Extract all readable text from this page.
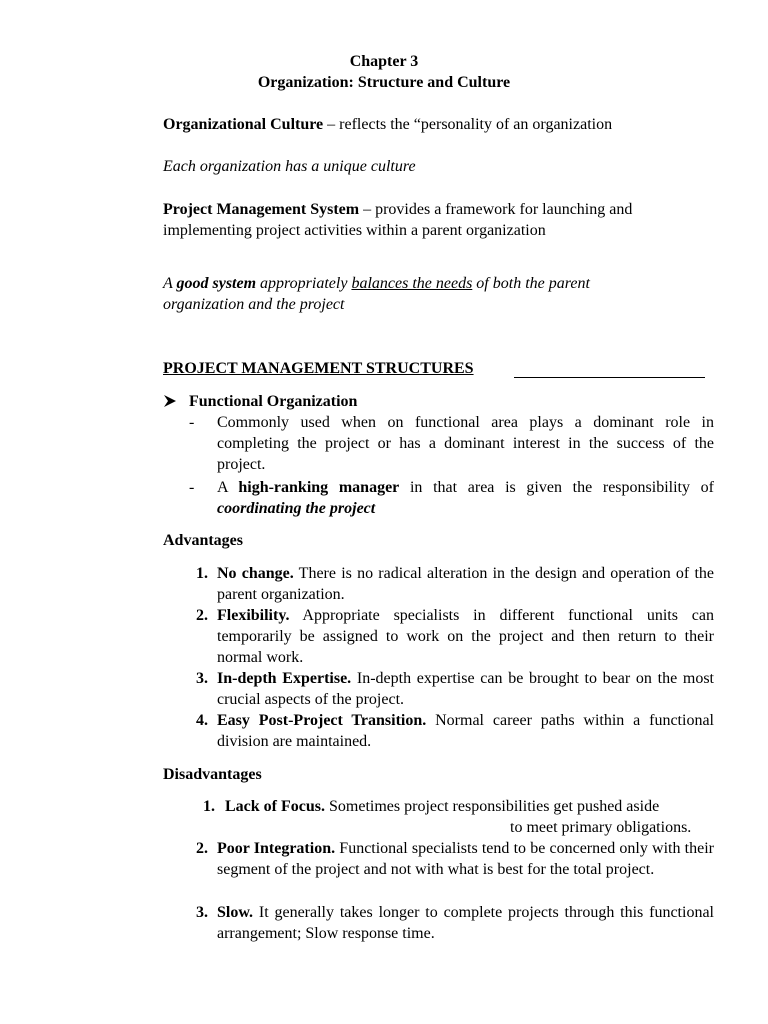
Chapter 3
Organization: Structure and Culture
Organizational Culture – reflects the “personality of an organization
Each organization has a unique culture
Project Management System – provides a framework for launching and implementing project activities within a parent organization
A good system appropriately balances the needs of both the parent organization and the project
PROJECT MANAGEMENT STRUCTURES
Functional Organization
- Commonly used when on functional area plays a dominant role in completing the project or has a dominant interest in the success of the project.
- A high-ranking manager in that area is given the responsibility of coordinating the project
Advantages
1. No change. There is no radical alteration in the design and operation of the parent organization.
2. Flexibility. Appropriate specialists in different functional units can temporarily be assigned to work on the project and then return to their normal work.
3. In-depth Expertise. In-depth expertise can be brought to bear on the most crucial aspects of the project.
4. Easy Post-Project Transition. Normal career paths within a functional division are maintained.
Disadvantages
1. Lack of Focus. Sometimes project responsibilities get pushed aside
to meet primary obligations.
2. Poor Integration. Functional specialists tend to be concerned only with their segment of the project and not with what is best for the total project.
3. Slow. It generally takes longer to complete projects through this functional arrangement; Slow response time.
